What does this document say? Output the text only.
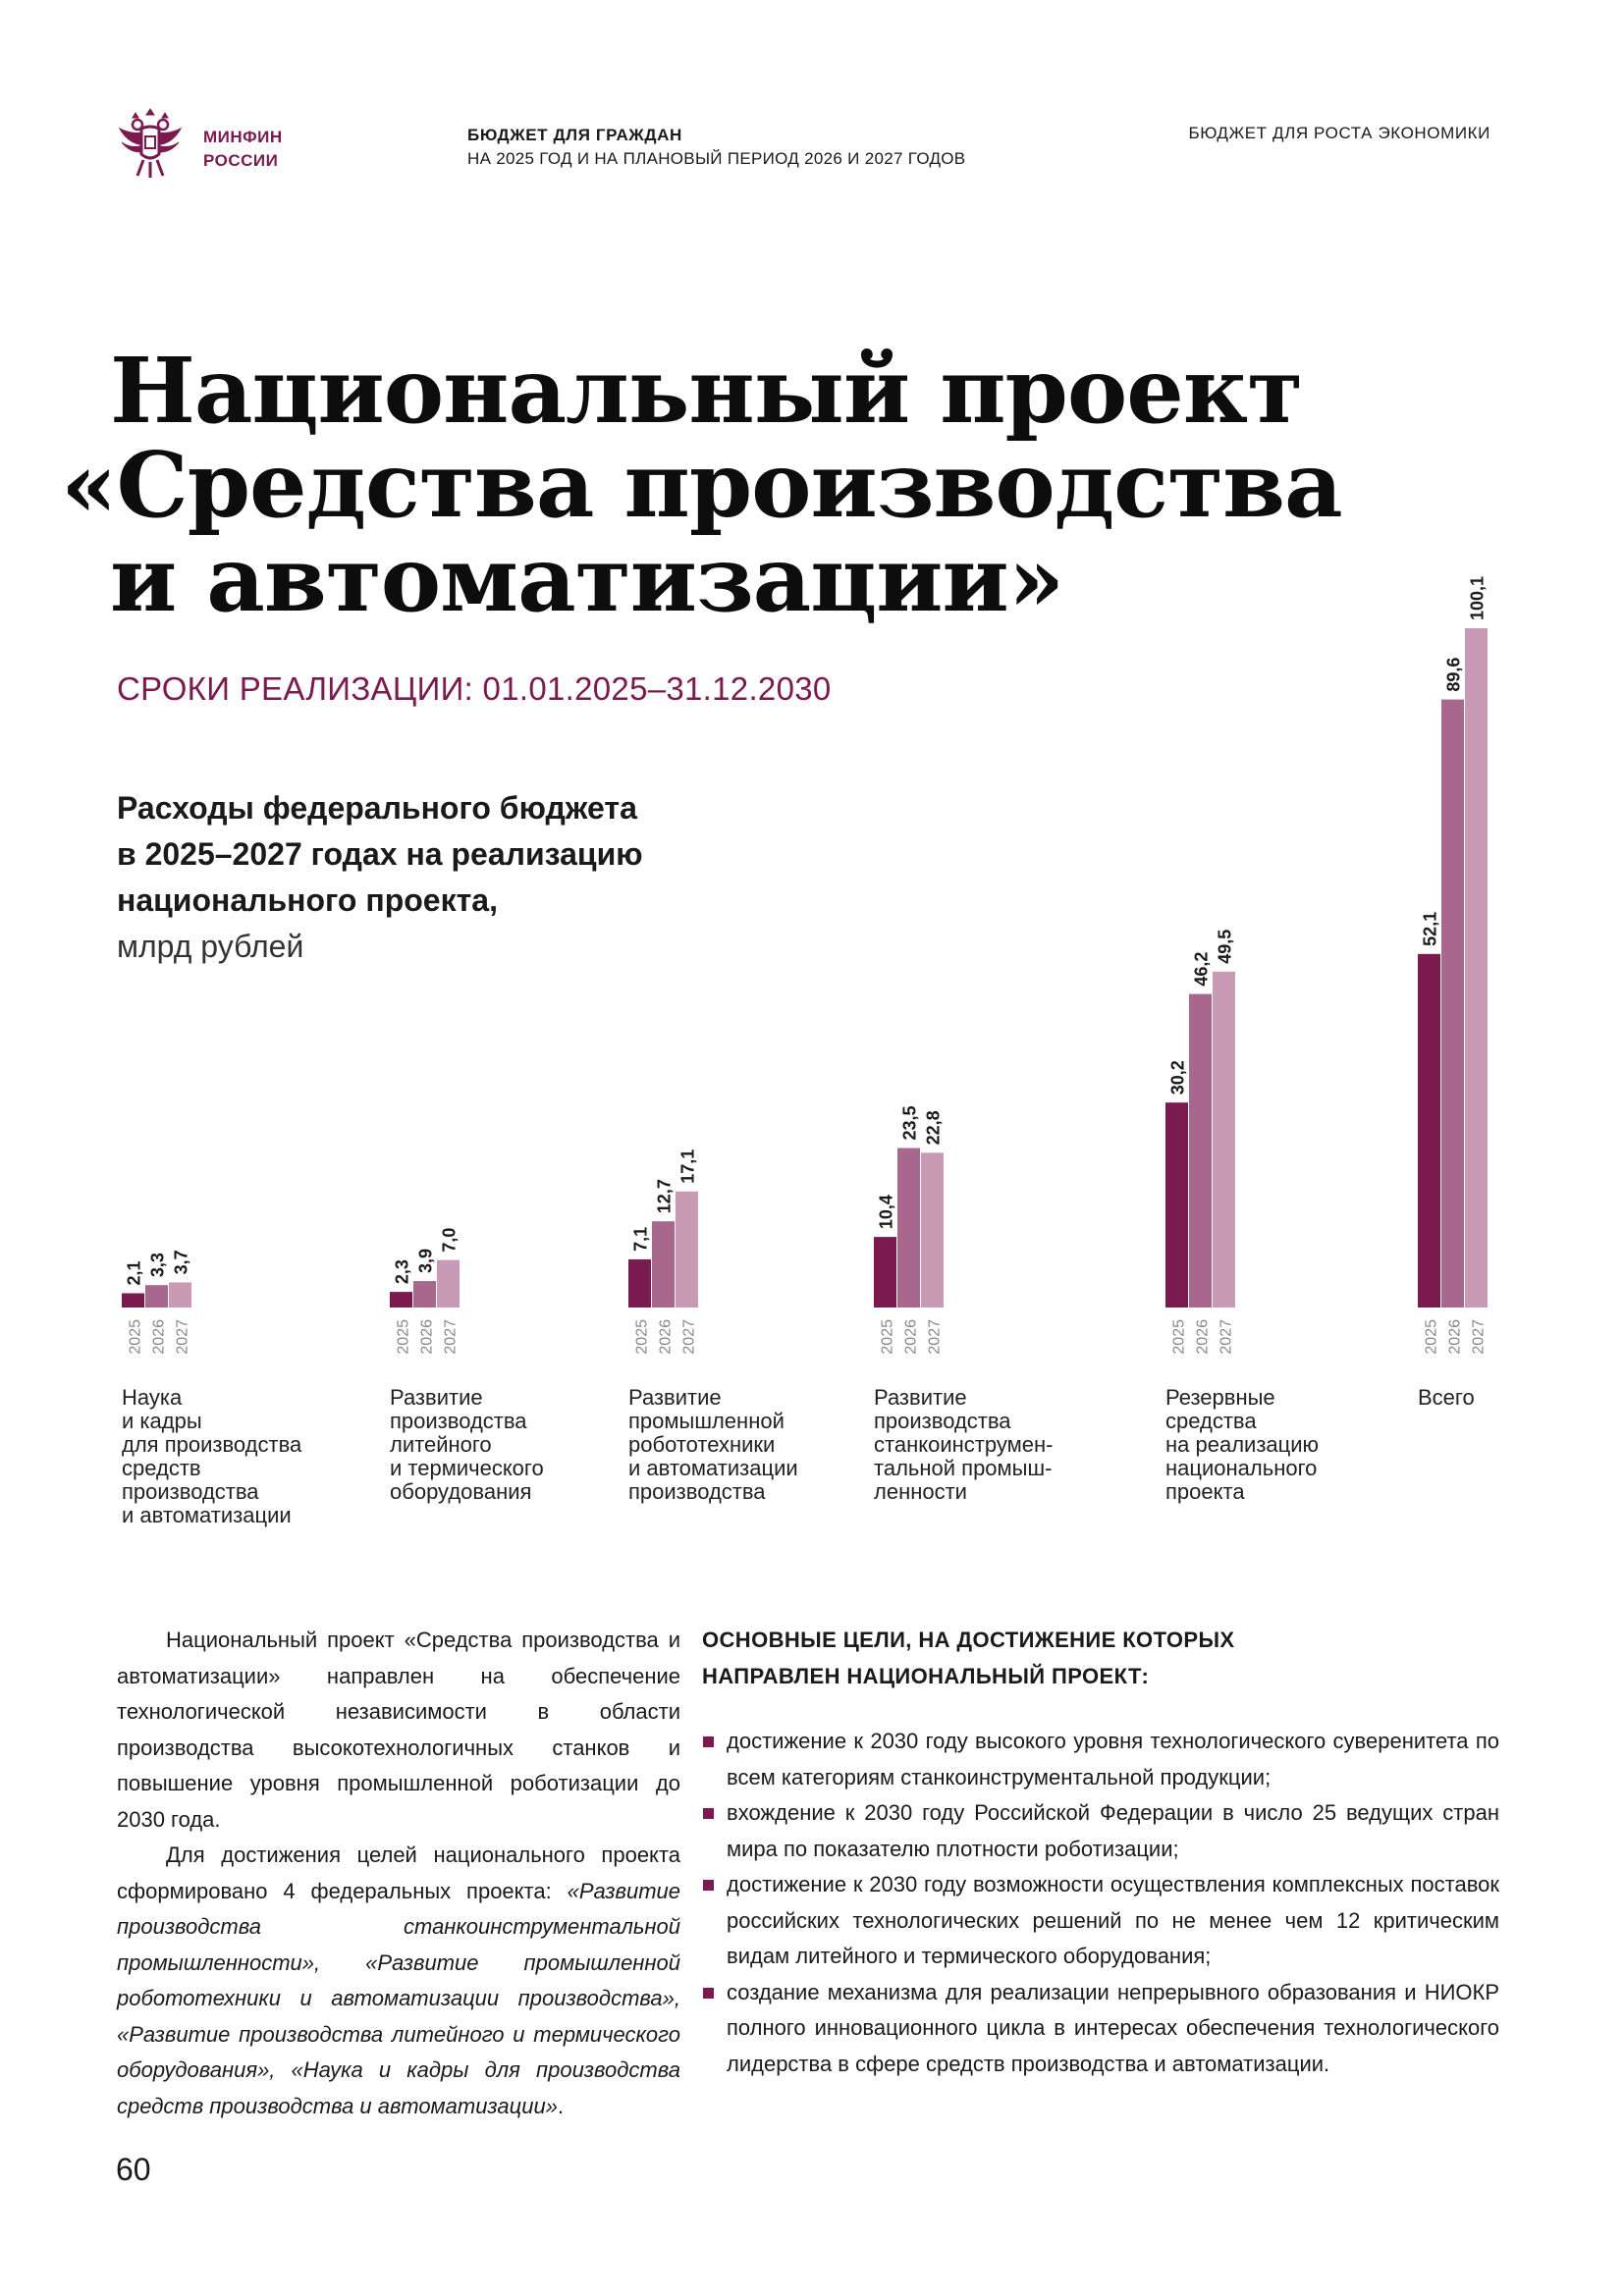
МИНФИН
РОССИИ
БЮДЖЕТ ДЛЯ ГРАЖДАН
НА 2025 ГОД И НА ПЛАНОВЫЙ ПЕРИОД 2026 И 2027 ГОДОВ
БЮДЖЕТ ДЛЯ РОСТА ЭКОНОМИКИ
Национальный проект
«Средства производства
и автоматизации»
СРОКИ РЕАЛИЗАЦИИ: 01.01.2025–31.12.2030
Расходы федерального бюджета
в 2025–2027 годах на реализацию
национального проекта,
млрд рублей
2,1
2025
3,3
2026
3,7
2027
2,3
2025
3,9
2026
7,0
2027
7,1
2025
12,7
2026
17,1
2027
10,4
2025
23,5
2026
22,8
2027
30,2
2025
46,2
2026
49,5
2027
52,1
2025
89,6
2026
100,1
2027
Наука
и кадры
для производства
средств
производства
и автоматизации
Развитие
производства
литейного
и термического
оборудования
Развитие
промышленной
робототехники
и автоматизации
производства
Развитие
производства
станкоинструмен-
тальной промыш-
ленности
Резервные
средства
на реализацию
национального
проекта
Всего

Национальный проект «Средства производства и автоматизации» направлен на обеспечение технологической независимости в области производства высокотехнологичных станков и повышение уровня промышленной роботизации до 2030 года.

Для достижения целей национального проекта сформировано 4 федеральных проекта: «Развитие производства станкоинструментальной промышленности», «Развитие промышленной робототехники и автоматизации производства», «Развитие производства литейного и термического оборудования», «Наука и кадры для производства средств производства и автоматизации».

ОСНОВНЫЕ ЦЕЛИ, НА ДОСТИЖЕНИЕ КОТОРЫХ НАПРАВЛЕН НАЦИОНАЛЬНЫЙ ПРОЕКТ:
достижение к 2030 году высокого уровня технологического суверенитета по всем категориям станкоинструментальной продукции;
вхождение к 2030 году Российской Федерации в число 25 ведущих стран мира по показателю плотности роботизации;
достижение к 2030 году возможности осуществления комплексных поставок российских технологических решений по не менее чем 12 критическим видам литейного и термического оборудования;
создание механизма для реализации непрерывного образования и НИОКР полного инновационного цикла в интересах обеспечения технологического лидерства в сфере средств производства и автоматизации.
60
